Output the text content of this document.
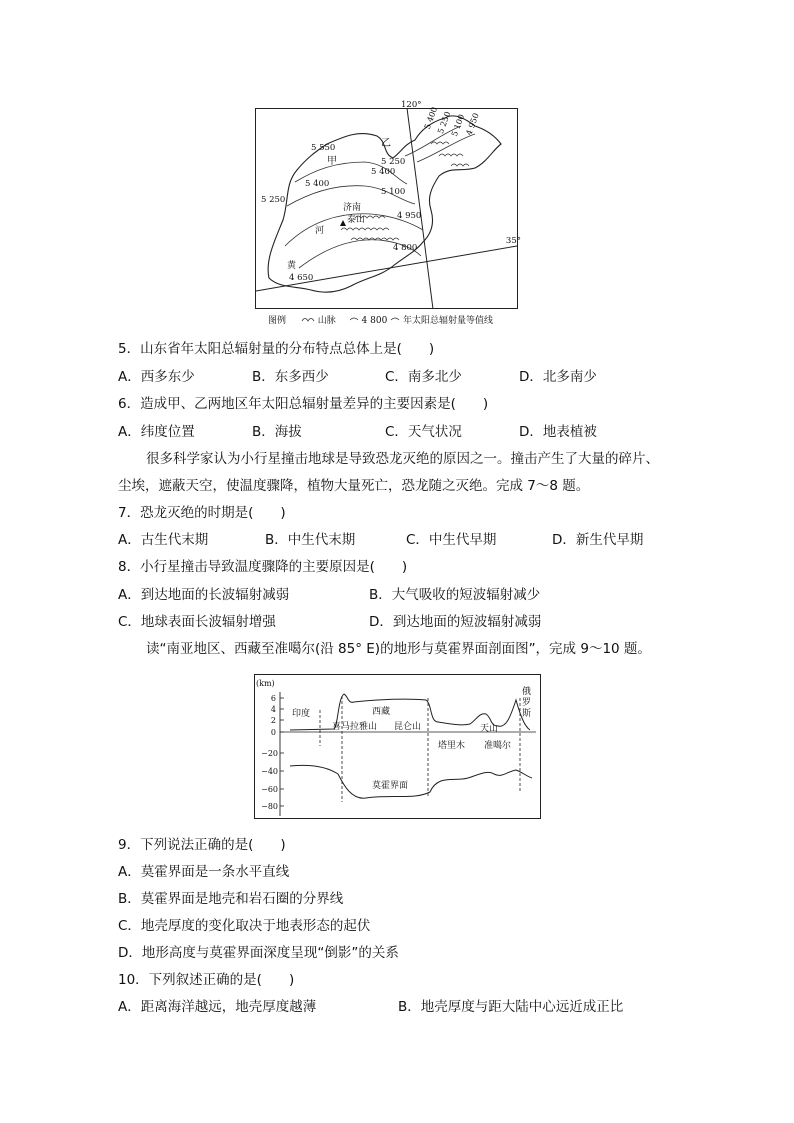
120°
35°
甲
乙
济南
泰山
河
黄
5 550
5 400
5 250
5 250
5 400
5 100
4 950
4 800
4 650
5 400
5 250
5 100
4 950
图例	山脉	4 800 年太阳总辐射量等值线
5．山东省年太阳总辐射量的分布特点总体上是(　　)
A．西多东少	B．东多西少	C．南多北少	D．北多南少
6．造成甲、乙两地区年太阳总辐射量差异的主要因素是(　　)
A．纬度位置	B．海拔	C．天气状况	D．地表植被
很多科学家认为小行星撞击地球是导致恐龙灭绝的原因之一。撞击产生了大量的碎片、
尘埃，遮蔽天空，使温度骤降，植物大量死亡，恐龙随之灭绝。完成 7～8 题。
7．恐龙灭绝的时期是(　　)
A．古生代末期	B．中生代末期	C．中生代早期	D．新生代早期
8．小行星撞击导致温度骤降的主要原因是(　　)
A．到达地面的长波辐射减弱	B．大气吸收的短波辐射减少
C．地球表面长波辐射增强	D．到达地面的短波辐射减弱
读“南亚地区、西藏至准噶尔(沿 85° E)的地形与莫霍界面剖面图”，完成 9～10 题。
(km)
6
4
2
0
−20
−40
−60
−80
印度	西藏
喜马拉雅山 昆仑山	天山
塔里木 准噶尔
莫霍界面
俄 罗 斯
9．下列说法正确的是(　　)
A．莫霍界面是一条水平直线
B．莫霍界面是地壳和岩石圈的分界线
C．地壳厚度的变化取决于地表形态的起伏
D．地形高度与莫霍界面深度呈现“倒影”的关系
10．下列叙述正确的是(　　)
A．距离海洋越远，地壳厚度越薄	B．地壳厚度与距大陆中心远近成正比
